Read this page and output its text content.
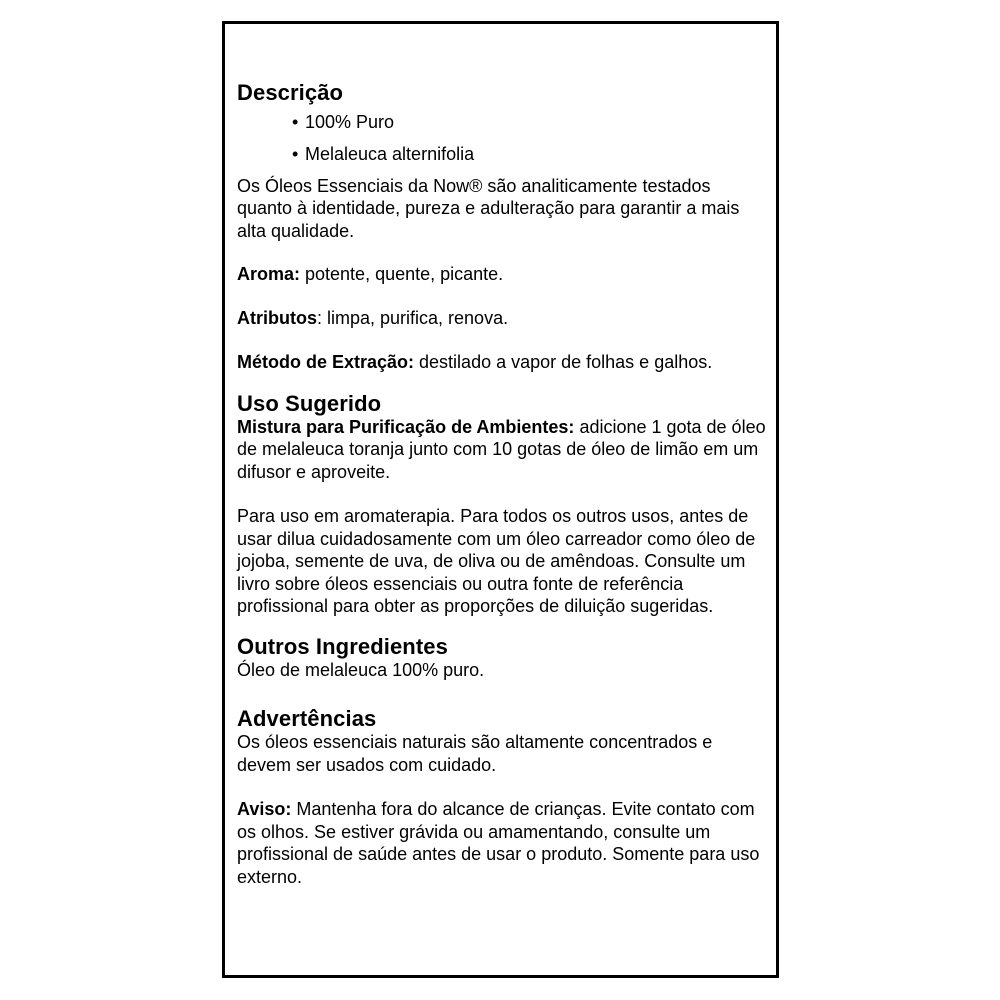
Descrição
• 100% Puro
• Melaleuca alternifolia

Os Óleos Essenciais da Now® são analiticamente testados quanto à identidade, pureza e adulteração para garantir a mais alta qualidade.

Aroma: potente, quente, picante.

Atributos: limpa, purifica, renova.

Método de Extração: destilado a vapor de folhas e galhos.

Uso Sugerido

Mistura para Purificação de Ambientes: adicione 1 gota de óleo de melaleuca toranja junto com 10 gotas de óleo de limão em um difusor e aproveite.

Para uso em aromaterapia. Para todos os outros usos, antes de usar dilua cuidadosamente com um óleo carreador como óleo de jojoba, semente de uva, de oliva ou de amêndoas. Consulte um livro sobre óleos essenciais ou outra fonte de referência profissional para obter as proporções de diluição sugeridas.

Outros Ingredientes

Óleo de melaleuca 100% puro.

Advertências

Os óleos essenciais naturais são altamente concentrados e devem ser usados com cuidado.

Aviso: Mantenha fora do alcance de crianças. Evite contato com os olhos. Se estiver grávida ou amamentando, consulte um profissional de saúde antes de usar o produto. Somente para uso externo.
